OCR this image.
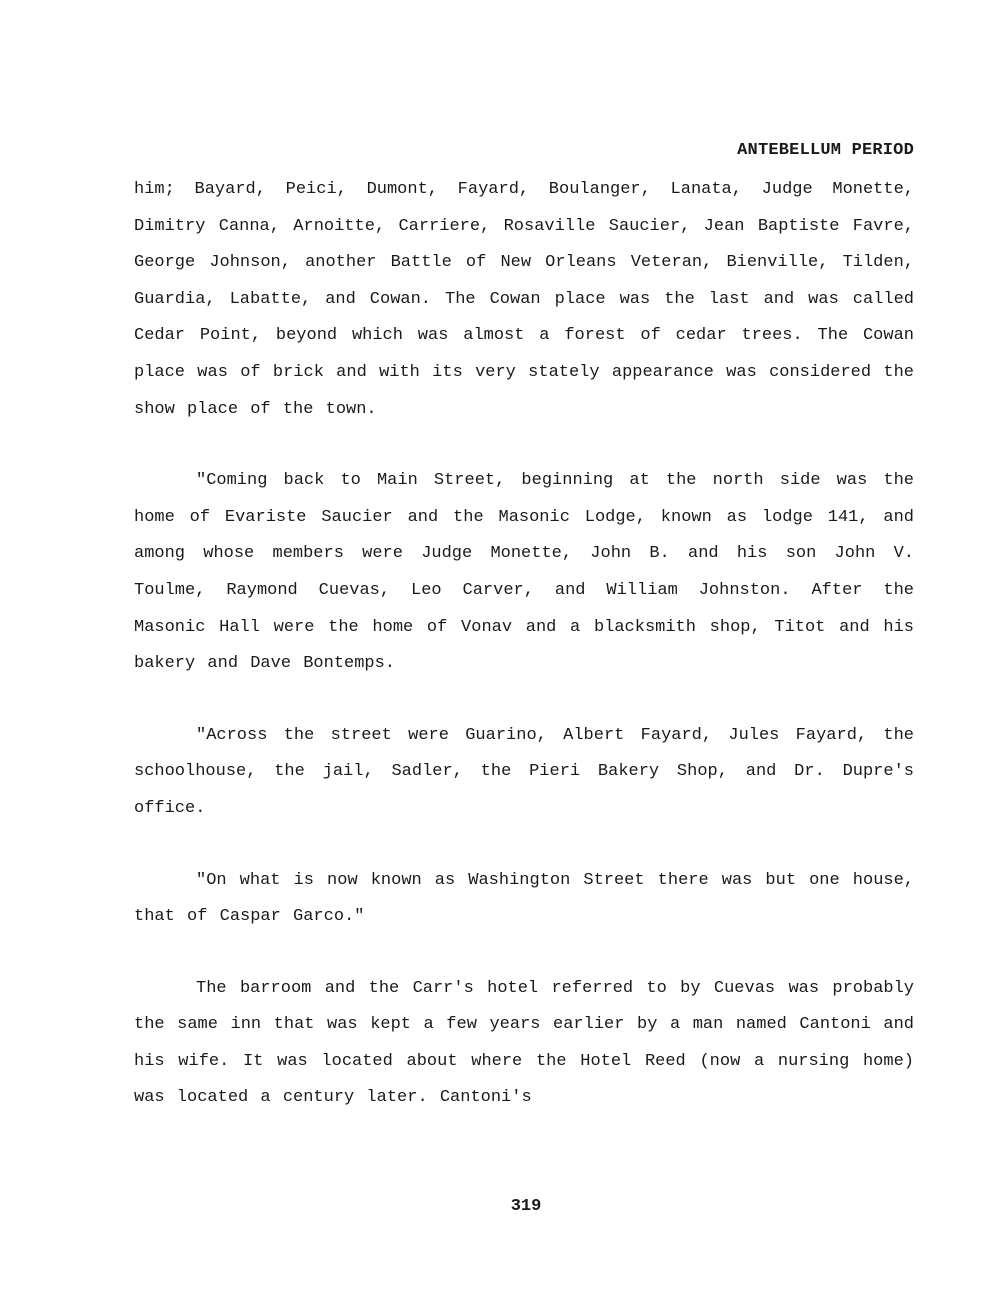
ANTEBELLUM PERIOD

him; Bayard, Peici, Dumont, Fayard, Boulanger, Lanata, Judge Monette, Dimitry Canna, Arnoitte, Carriere, Rosaville Saucier, Jean Baptiste Favre, George Johnson, another Battle of New Orleans Veteran, Bienville, Tilden, Guardia, Labatte, and Cowan. The Cowan place was the last and was called Cedar Point, beyond which was almost a forest of cedar trees. The Cowan place was of brick and with its very stately appearance was considered the show place of the town.

"Coming back to Main Street, beginning at the north side was the home of Evariste Saucier and the Masonic Lodge, known as lodge 141, and among whose members were Judge Monette, John B. and his son John V. Toulme, Raymond Cuevas, Leo Carver, and William Johnston. After the Masonic Hall were the home of Vonav and a blacksmith shop, Titot and his bakery and Dave Bontemps.

"Across the street were Guarino, Albert Fayard, Jules Fayard, the schoolhouse, the jail, Sadler, the Pieri Bakery Shop, and Dr. Dupre's office.

"On what is now known as Washington Street there was but one house, that of Caspar Garco."

The barroom and the Carr's hotel referred to by Cuevas was probably the same inn that was kept a few years earlier by a man named Cantoni and his wife. It was located about where the Hotel Reed (now a nursing home) was located a century later. Cantoni's

319
